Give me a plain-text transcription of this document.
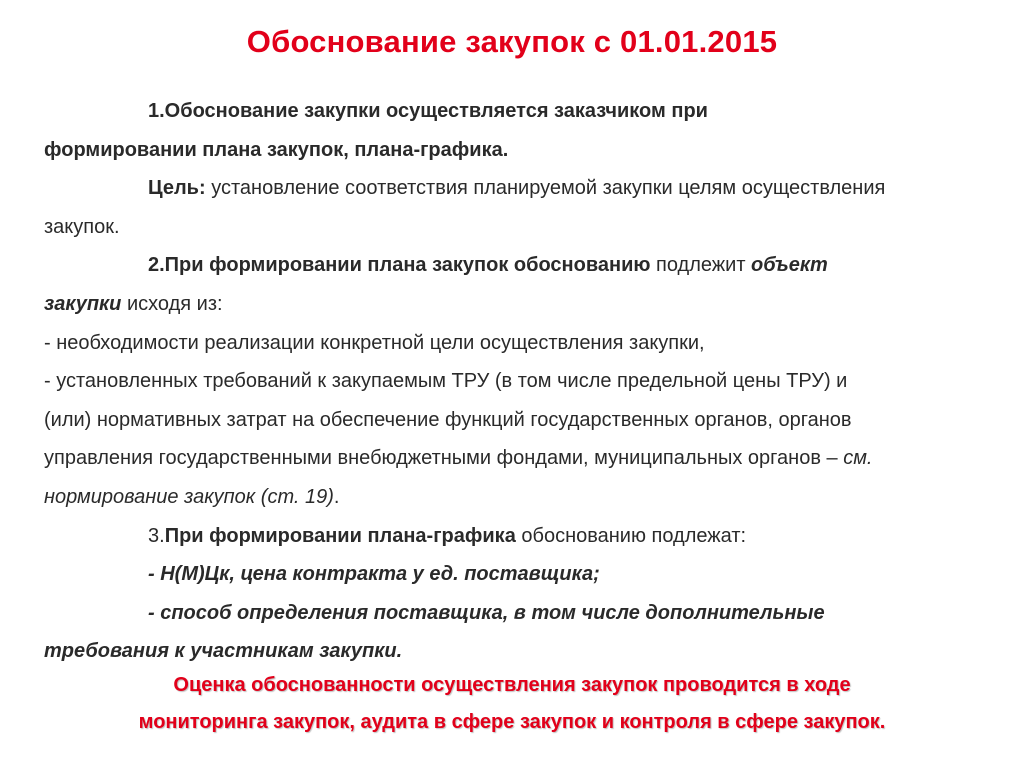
Обоснование закупок с 01.01.2015
1.Обоснование закупки осуществляется заказчиком при
формировании плана закупок, плана-графика.
Цель: установление соответствия планируемой закупки целям осуществления
закупок.
2.При формировании плана закупок обоснованию подлежит объект
закупки исходя из:
- необходимости реализации конкретной цели осуществления закупки,
- установленных требований к закупаемым ТРУ (в том числе предельной цены ТРУ) и
(или) нормативных затрат на обеспечение функций государственных органов, органов
управления государственными внебюджетными фондами, муниципальных органов – см.
нормирование закупок (ст. 19).
3.При формировании плана-графика обоснованию подлежат:
- Н(М)Цк, цена контракта у ед. поставщика;
- способ определения поставщика, в том числе дополнительные
требования к участникам закупки.
Оценка обоснованности осуществления закупок проводится в ходе
мониторинга закупок, аудита в сфере закупок и контроля в сфере закупок.
